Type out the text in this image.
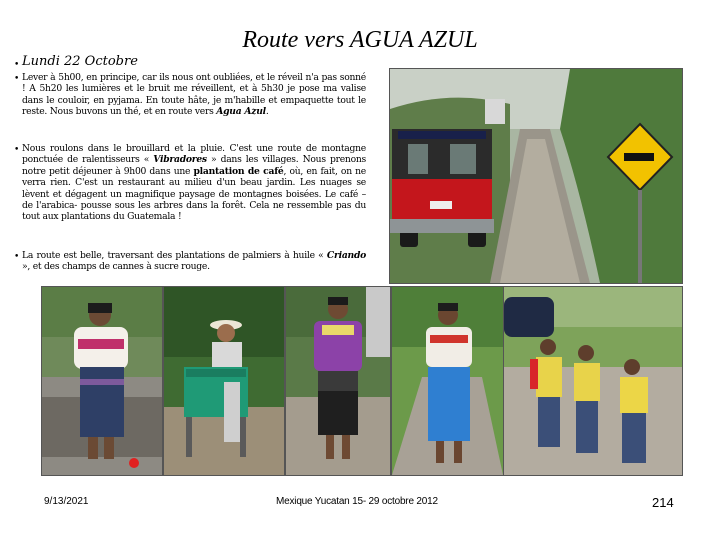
Route vers AGUA AZUL
•
•
•
•
Lundi 22 Octobre
Lever à 5h00, en principe, car ils nous ont oubliées, et le réveil n'a pas sonné ! A 5h20 les lumières et le bruit me réveillent, et à 5h30 je pose ma valise dans le couloir, en pyjama. En toute hâte, je m'habille et empaquette tout le reste. Nous buvons un thé, et en route vers Agua Azul.
Nous roulons dans le brouillard et la pluie. C'est une route de montagne ponctuée de ralentisseurs « Vibradores » dans les villages. Nous prenons notre petit déjeuner à 9h00 dans une plantation de café, où, en fait, on ne verra rien. C'est un restaurant au milieu d'un beau jardin. Les nuages se lèvent et dégagent un magnifique paysage de montagnes boisées. Le café – de l'arabica- pousse sous les arbres dans la forêt. Cela ne ressemble pas du tout aux plantations du Guatemala !
La route est belle, traversant des plantations de palmiers à huile « Criando », et des champs de cannes à sucre rouge.
9/13/2021	Mexique Yucatan 15- 29 octobre 2012	214
